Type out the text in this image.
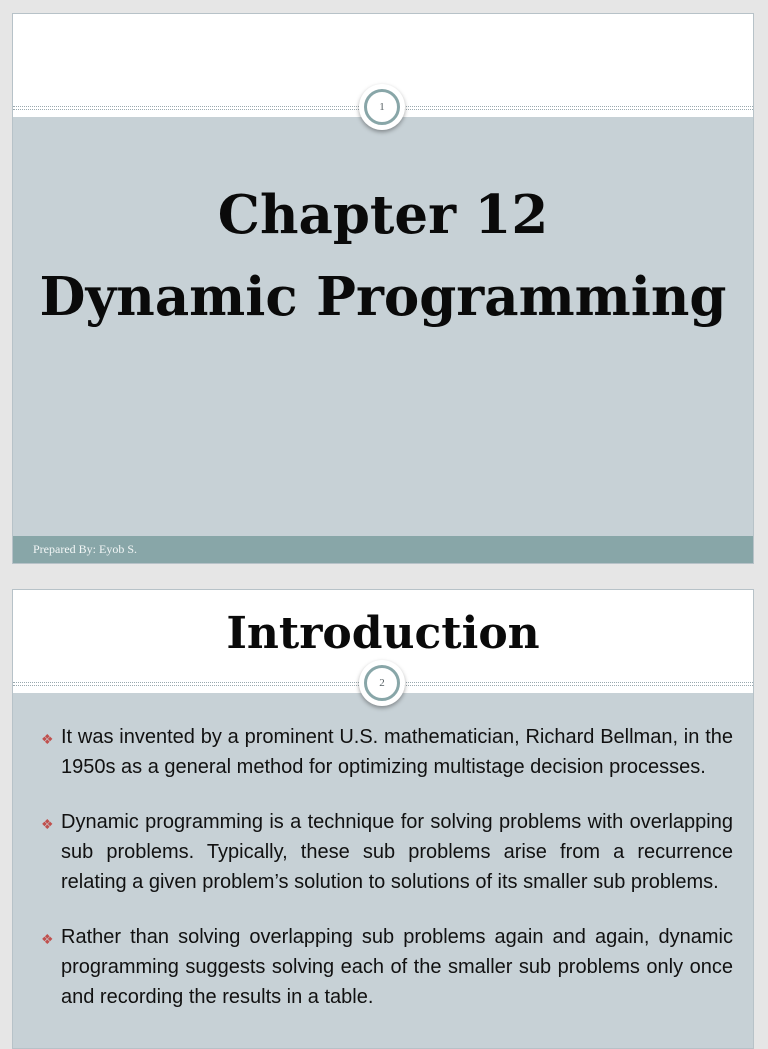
1
Chapter 12
Dynamic Programming
Prepared By: Eyob S.
Introduction
2
❖ It was invented by a prominent U.S. mathematician, Richard Bellman, in the 1950s as a general method for optimizing multistage decision processes.
❖ Dynamic programming is a technique for solving problems with overlapping sub problems. Typically, these sub problems arise from a recurrence relating a given problem’s solution to solutions of its smaller sub problems.
❖ Rather than solving overlapping sub problems again and again, dynamic programming suggests solving each of the smaller sub problems only once and recording the results in a table.
